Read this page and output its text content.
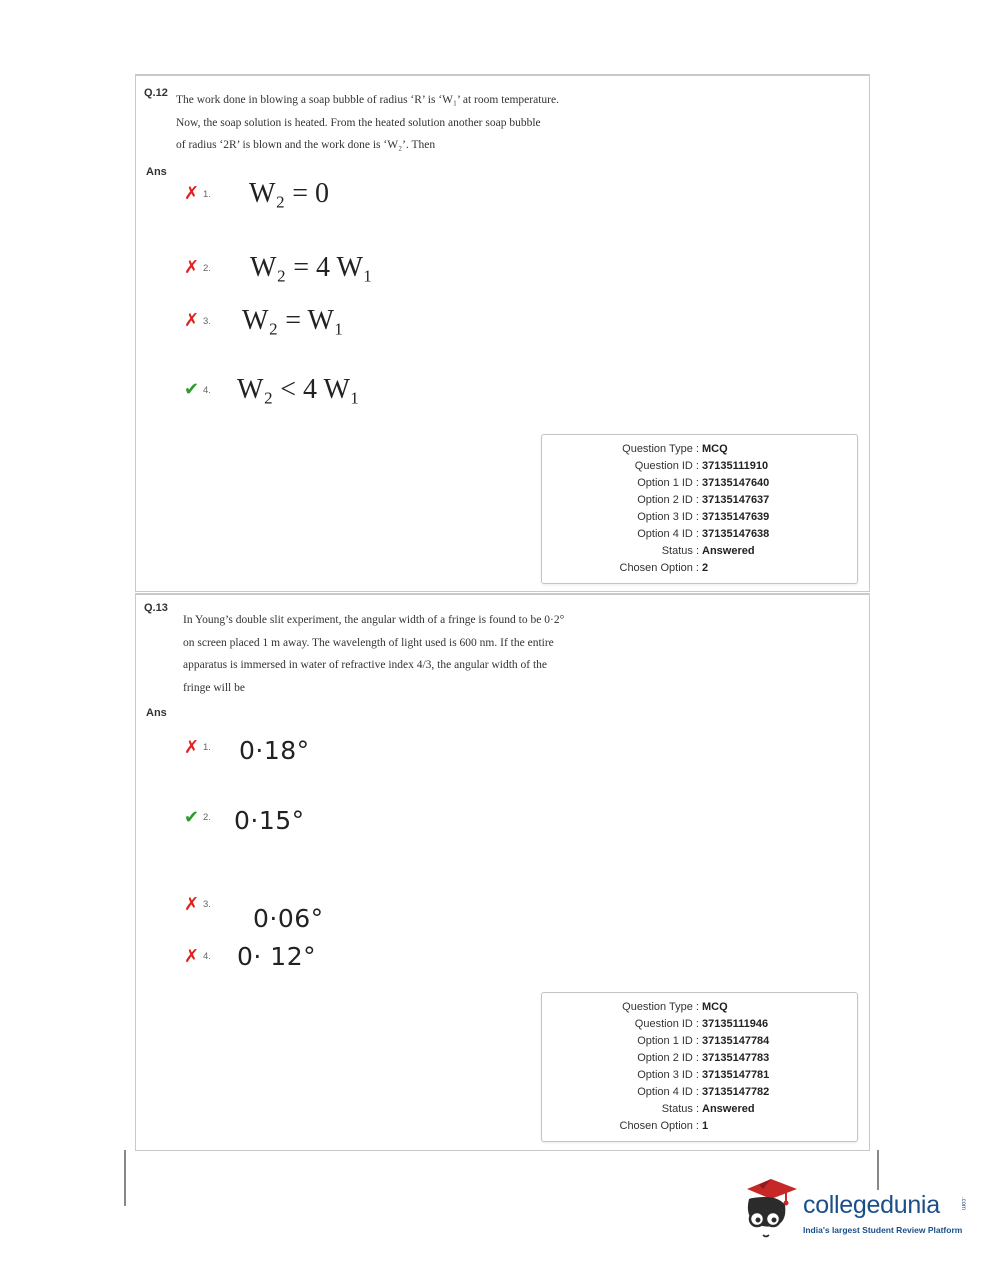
Q.12
The work done in blowing a soap bubble of radius ‘R’ is ‘W₁’ at room temperature.
Now, the soap solution is heated. From the heated solution another soap bubble
of radius ‘2R’ is blown and the work done is ‘W₂’. Then
Ans
✗ 1. W₂ = 0
✗ 2. W₂ = 4 W₁
✗ 3. W₂ = W₁
✔ 4. W₂ < 4 W₁
Question Type : MCQ
Question ID : 37135111910
Option 1 ID : 37135147640
Option 2 ID : 37135147637
Option 3 ID : 37135147639
Option 4 ID : 37135147638
Status : Answered
Chosen Option : 2
Q.13
In Young’s double slit experiment, the angular width of a fringe is found to be 0·2°
on screen placed 1 m away. The wavelength of light used is 600 nm. If the entire
apparatus is immersed in water of refractive index 4/3, the angular width of the
fringe will be
Ans
✗ 1.	0·18°
✔ 2. 0·15°
✗ 3.	0·06°
✗ 4.	0· 12°
Question Type : MCQ
Question ID : 37135111946
Option 1 ID : 37135147784
Option 2 ID : 37135147783
Option 3 ID : 37135147781
Option 4 ID : 37135147782
Status : Answered
Chosen Option : 1
collegedunia	.com
India's largest Student Review Platform
